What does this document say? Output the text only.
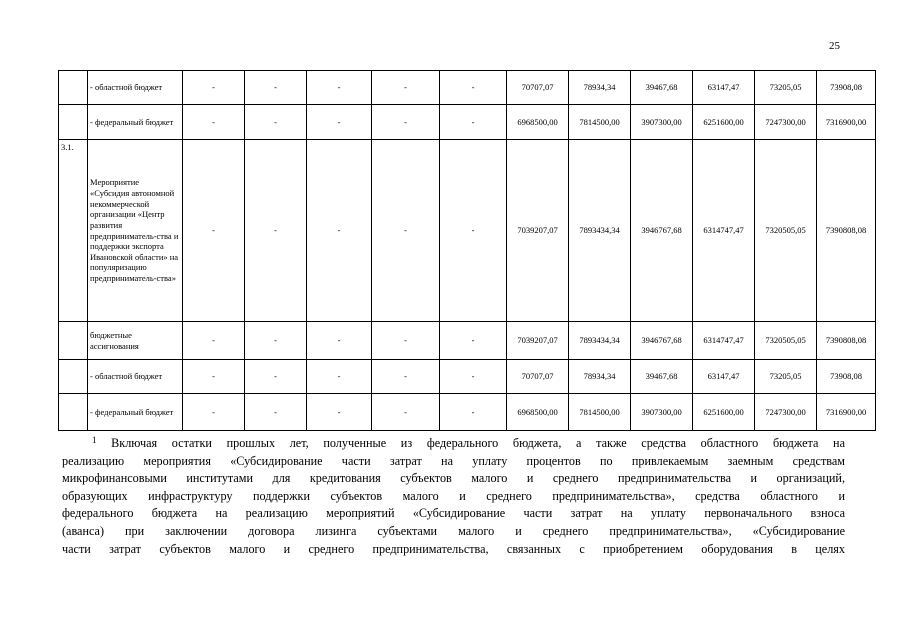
25
	- областной бюджет	-	-	-	-	-	70707,07	78934,34	39467,68	63147,47	73205,05	73908,08
	- федеральный бюджет	-	-	-	-	-	6968500,00	7814500,00	3907300,00	6251600,00	7247300,00	7316900,00
3.1.	Мероприятие «Субсидия автономной некоммерческой организации «Центр развития предприниматель-ства и поддержки экспорта Ивановской области» на популяризацию предприниматель-ства»	-	-	-	-	-	7039207,07	7893434,34	3946767,68	6314747,47	7320505,05	7390808,08
	бюджетные ассигнования	-	-	-	-	-	7039207,07	7893434,34	3946767,68	6314747,47	7320505,05	7390808,08
	- областной бюджет	-	-	-	-	-	70707,07	78934,34	39467,68	63147,47	73205,05	73908,08
	- федеральный бюджет	-	-	-	-	-	6968500,00	7814500,00	3907300,00	6251600,00	7247300,00	7316900,00
$^1$ Включая остатки прошлых лет, полученные из федерального бюджета, а также средства областного бюджета на
реализацию мероприятия «Субсидирование части затрат на уплату процентов по привлекаемым заемным средствам
микрофинансовыми институтами для кредитования субъектов малого и среднего предпринимательства и организаций,
образующих инфраструктуру поддержки субъектов малого и среднего предпринимательства», средства областного и
федерального бюджета на реализацию мероприятий «Субсидирование части затрат на уплату первоначального взноса
(аванса) при заключении договора лизинга субъектами малого и среднего предпринимательства», «Субсидирование
части затрат субъектов малого и среднего предпринимательства, связанных с приобретением оборудования в целях
